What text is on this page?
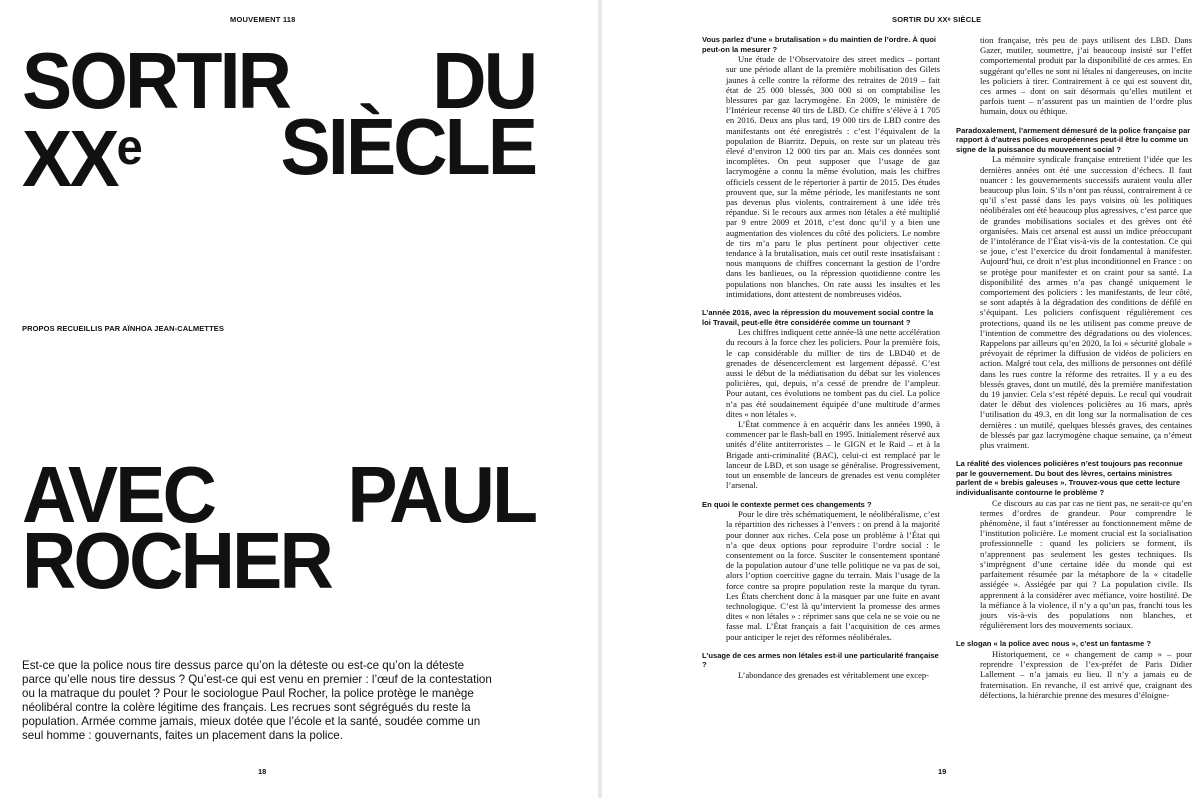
MOUVEMENT 118
SORTIR DU
XXe SIÈCLE
PROPOS RECUEILLIS PAR AÏNHOA JEAN-CALMETTES
AVEC PAUL
ROCHER
Est-ce que la police nous tire dessus parce qu’on la déteste ou est-ce qu’on la déteste parce qu’elle nous tire dessus ? Qu’est-ce qui est venu en premier : l’œuf de la contestation ou la matraque du poulet ? Pour le sociologue Paul Rocher, la police protège le manège néolibéral contre la colère légitime des français. Les recrues sont ségrégués du reste la population. Armée comme jamais, mieux dotée que l’école et la santé, soudée comme un seul homme : gouvernants, faites un placement dans la police.
18
SORTIR DU XXᵉ SIÈCLE
Vous parlez d’une « brutalisation » du maintien de l’ordre. À quoi peut-on la mesurer ?

Une étude de l’Observatoire des street medics – portant sur une période allant de la première mobilisation des Gilets jaunes à celle contre la réforme des retraites de 2019 – fait état de 25 000 blessés, 300 000 si on comptabilise les blessures par gaz lacrymogène. En 2009, le ministère de l’Intérieur recense 40 tirs de LBD. Ce chiffre s’élève à 1 705 en 2016. Deux ans plus tard, 19 000 tirs de LBD contre des manifestants ont été enregistrés : c’est l’équivalent de la population de Biarritz. Depuis, on reste sur un plateau très élevé d’environ 12 000 tirs par an. Mais ces données sont incomplètes. On peut supposer que l’usage de gaz lacrymogène a connu la même évolution, mais les chiffres officiels cessent de le répertorier à partir de 2015. Des études prouvent que, sur la même période, les manifestants ne sont pas devenus plus violents, contrairement à une idée très répandue. Si le recours aux armes non létales a été multiplié par 9 entre 2009 et 2018, c’est donc qu’il y a bien une augmentation des violences du côté des policiers. Le nombre de tirs m’a paru le plus pertinent pour objectiver cette tendance à la brutalisation, mais cet outil reste insatisfaisant : nous manquons de chiffres concernant la gestion de l’ordre dans les banlieues, ou la répression quotidienne contre les populations non blanches. On rate aussi les insultes et les intimidations, dont attestent de nombreuses vidéos.

L’année 2016, avec la répression du mouvement social contre la loi Travail, peut-elle être considérée comme un tournant ?

Les chiffres indiquent cette année-là une nette accélération du recours à la force chez les policiers. Pour la première fois, le cap considérable du millier de tirs de LBD40 et de grenades de désencerclement est largement dépassé. C’est aussi le début de la médiatisation du débat sur les violences policières, qui, depuis, n’a cessé de prendre de l’ampleur. Pour autant, ces évolutions ne tombent pas du ciel. La police n’a pas été soudainement équipée d’une multitude d’armes dites « non létales ».

L’État commence à en acquérir dans les années 1990, à commencer par le flash-ball en 1995. Initialement réservé aux unités d’élite antiterroristes – le GIGN et le Raid – et à la Brigade anti-criminalité (BAC), celui-ci est remplacé par le lanceur de LBD, et son usage se généralise. Progressivement, tout un ensemble de lanceurs de grenades est venu compléter l’arsenal.

En quoi le contexte permet ces changements ?

Pour le dire très schématiquement, le néolibéralisme, c’est la répartition des richesses à l’envers : on prend à la majorité pour donner aux riches. Cela pose un problème à l’État qui n’a que deux options pour reproduire l’ordre social : le consentement ou la force. Susciter le consentement spontané de la population autour d’une telle politique ne va pas de soi, alors l’option coercitive gagne du terrain. Mais l’usage de la force contre sa propre population reste la marque du tyran. Les États cherchent donc à la masquer par une fuite en avant technologique. C’est là qu’intervient la promesse des armes dites « non létales » : réprimer sans que cela ne se voie ou ne fasse mal. L’État français a fait l’acquisition de ces armes pour anticiper le rejet des réformes néolibérales.

L’usage de ces armes non létales est-il une particularité française ?

L’abondance des grenades est véritablement une excep-

tion française, très peu de pays utilisent des LBD. Dans Gazer, mutiler, soumettre, j’ai beaucoup insisté sur l’effet comportemental produit par la disponibilité de ces armes. En suggérant qu’elles ne sont ni létales ni dangereuses, on incite les policiers à tirer. Contrairement à ce qui est souvent dit, ces armes – dont on sait désormais qu’elles mutilent et parfois tuent – n’assurent pas un maintien de l’ordre plus humain, doux ou éthique.

Paradoxalement, l’armement démesuré de la police française par rapport à d’autres polices européennes peut-il être lu comme un signe de la puissance du mouvement social ?

La mémoire syndicale française entretient l’idée que les dernières années ont été une succession d’échecs. Il faut nuancer : les gouvernements successifs auraient voulu aller beaucoup plus loin. S’ils n’ont pas réussi, contrairement à ce qu’il s’est passé dans les pays voisins où les politiques néolibérales ont été beaucoup plus agressives, c’est parce que de grandes mobilisations sociales et des grèves ont été organisées. Mais cet arsenal est aussi un indice préoccupant de l’intolérance de l’État vis-à-vis de la contestation. Ce qui se joue, c’est l’exercice du droit fondamental à manifester. Aujourd’hui, ce droit n’est plus inconditionnel en France : on se protège pour manifester et on craint pour sa santé. La disponibilité des armes n’a pas changé uniquement le comportement des policiers : les manifestants, de leur côté, se sont adaptés à la dégradation des conditions de défilé en s’équipant. Les policiers confisquent régulièrement ces protections, quand ils ne les utilisent pas comme preuve de l’intention de commettre des dégradations ou des violences. Rappelons par ailleurs qu’en 2020, la loi « sécurité globale » prévoyait de réprimer la diffusion de vidéos de policiers en action. Malgré tout cela, des millions de personnes ont défilé dans les rues contre la réforme des retraites. Il y a eu des blessés graves, dont un mutilé, dès la première manifestation du 19 janvier. Cela s’est répété depuis. Le recul qui voudrait dater le début des violences policières au 16 mars, après l’utilisation du 49.3, en dit long sur la normalisation de ces dernières : un mutilé, quelques blessés graves, des centaines de blessés par gaz lacrymogène chaque semaine, ça n’émeut plus vraiment.

La réalité des violences policières n’est toujours pas reconnue par le gouvernement. Du bout des lèvres, certains ministres parlent de « brebis galeuses ». Trouvez-vous que cette lecture individualisante contourne le problème ?

Ce discours au cas par cas ne tient pas, ne serait-ce qu’en termes d’ordres de grandeur. Pour comprendre le phénomène, il faut s’intéresser au fonctionnement même de l’institution policière. Le moment crucial est la socialisation professionnelle : quand les policiers se forment, ils n’apprennent pas seulement les gestes techniques. Ils s’imprègnent d’une certaine idée du monde qui est parfaitement résumée par la métaphore de la « citadelle assiégée ». Assiégée par qui ? La population civile. Ils apprennent à la considérer avec méfiance, voire hostilité. De la méfiance à la violence, il n’y a qu’un pas, franchi tous les jours vis-à-vis des populations non blanches, et régulièrement lors des mouvements sociaux.

Le slogan « la police avec nous », c’est un fantasme ?

Historiquement, ce « changement de camp » – pour reprendre l’expression de l’ex-préfet de Paris Didier Lallement – n’a jamais eu lieu. Il n’y a jamais eu de fraternisation. En revanche, il est arrivé que, craignant des défections, la hiérarchie prenne des mesures d’éloigne-

19
